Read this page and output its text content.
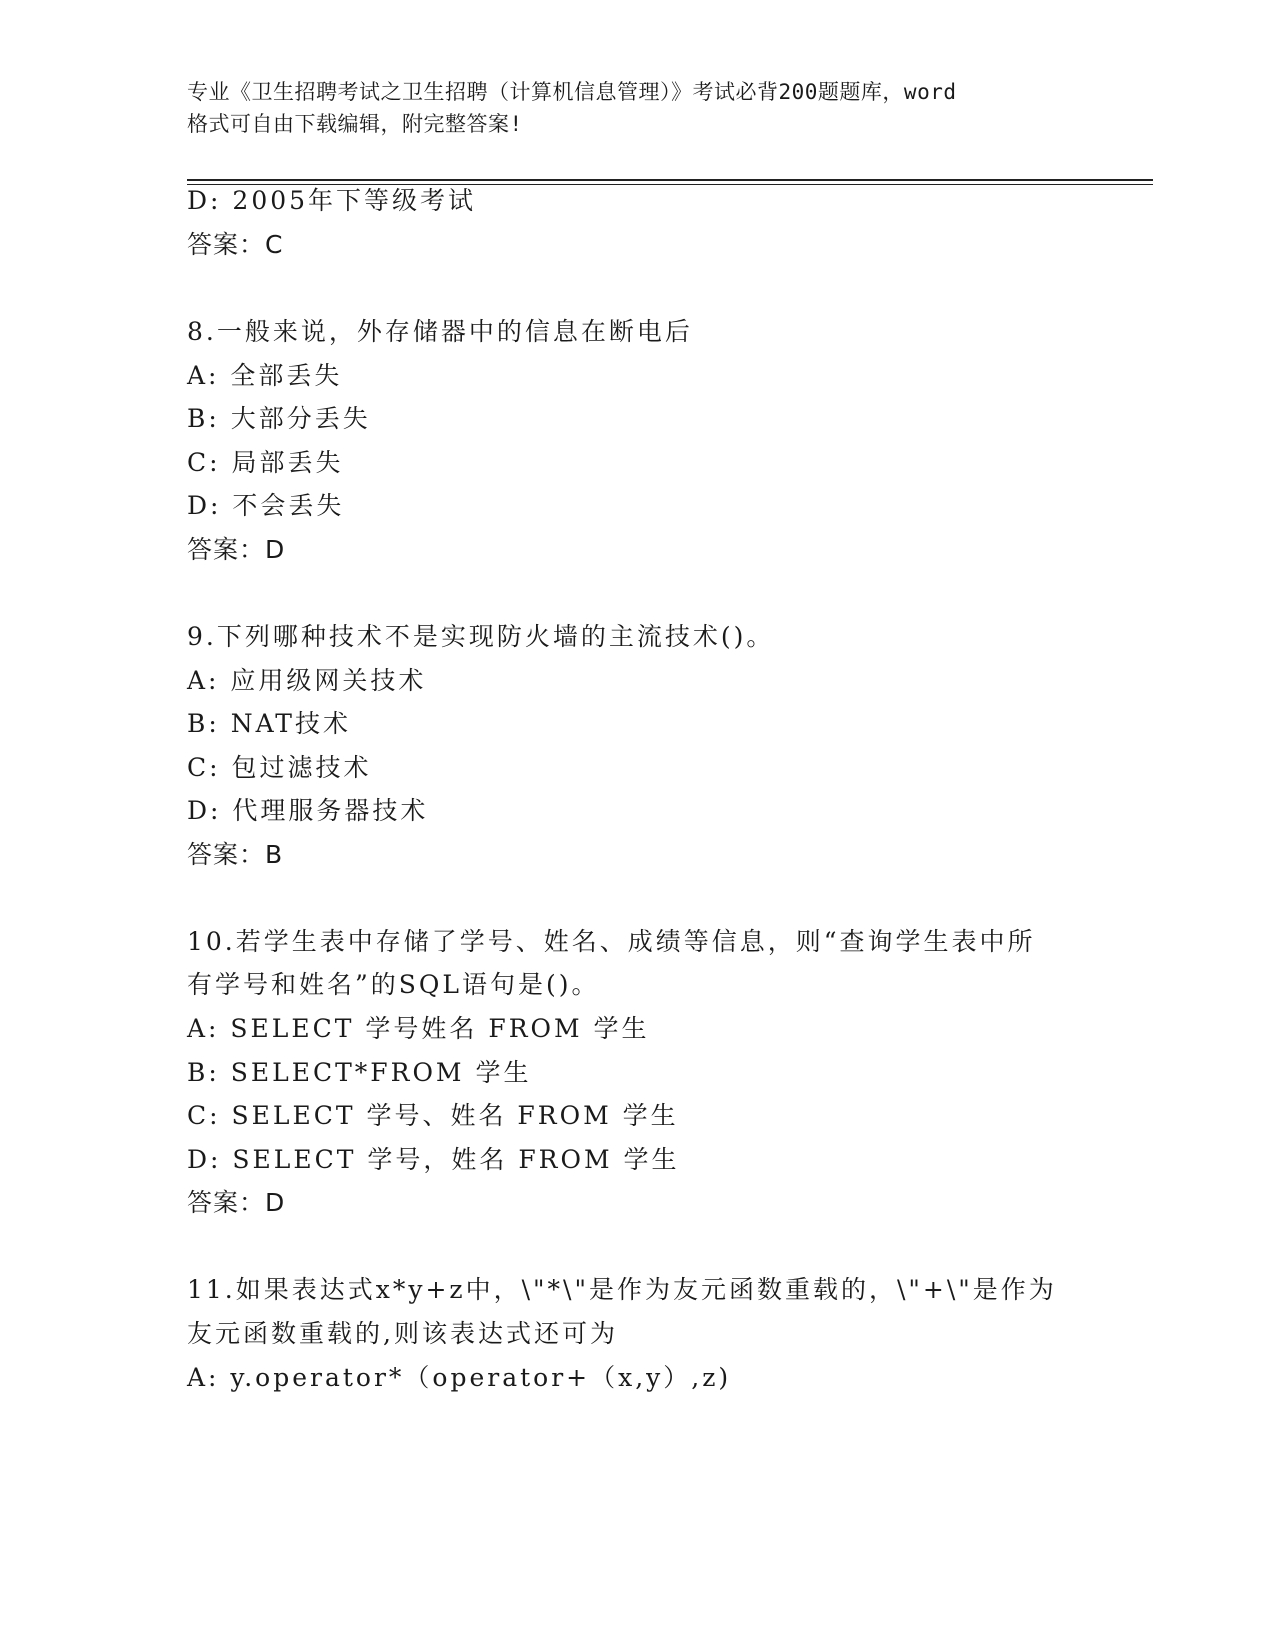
专业《卫生招聘考试之卫生招聘（计算机信息管理）》考试必背200题题库，word
格式可自由下载编辑，附完整答案!
D: 2005年下等级考试
答案：C
8.一般来说，外存储器中的信息在断电后
A: 全部丢失
B: 大部分丢失
C: 局部丢失
D: 不会丢失
答案：D
9.下列哪种技术不是实现防火墙的主流技术()。
A: 应用级网关技术
B: NAT技术
C: 包过滤技术
D: 代理服务器技术
答案：B
10.若学生表中存储了学号、姓名、成绩等信息，则“查询学生表中所
有学号和姓名”的SQL语句是()。
A: SELECT 学号姓名 FROM 学生
B: SELECT*FROM 学生
C: SELECT 学号、姓名 FROM 学生
D: SELECT 学号，姓名 FROM 学生
答案：D
11.如果表达式x*y+z中，\"*\"是作为友元函数重载的，\"+\"是作为
友元函数重载的,则该表达式还可为
A: y.operator*（operator+（x,y）,z)
